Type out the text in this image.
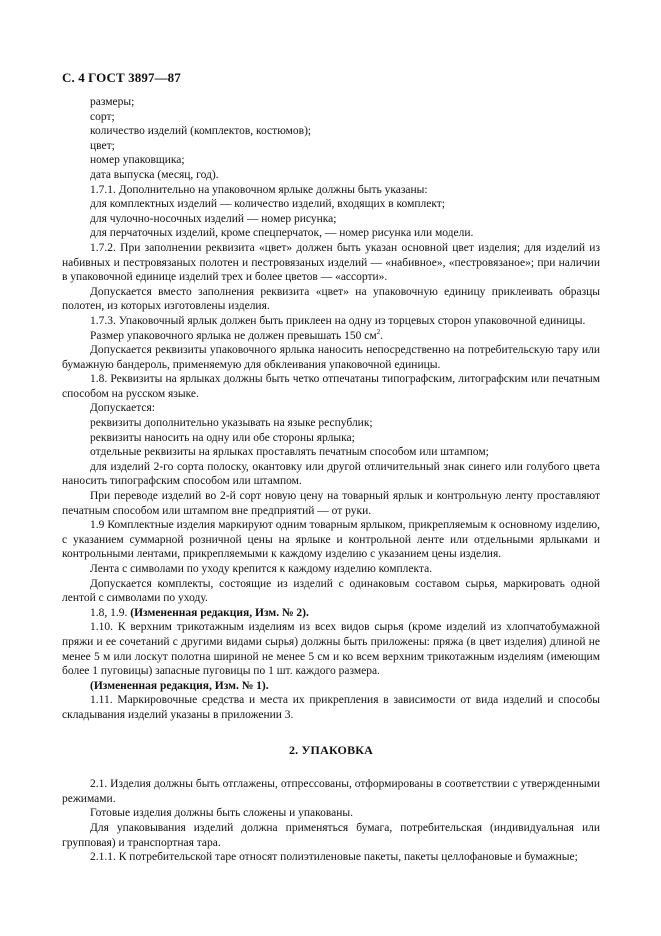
С. 4 ГОСТ 3897—87

размеры;

сорт;

количество изделий (комплектов, костюмов);

цвет;

номер упаковщика;

дата выпуска (месяц, год).

1.7.1. Дополнительно на упаковочном ярлыке должны быть указаны:

для комплектных изделий — количество изделий, входящих в комплект;

для чулочно-носочных изделий — номер рисунка;

для перчаточных изделий, кроме спецперчаток, — номер рисунка или модели.

1.7.2. При заполнении реквизита «цвет» должен быть указан основной цвет изделия; для изделий из набивных и пестровязаных полотен и пестровязаных изделий — «набивное», «пестровязаное»; при наличии в упаковочной единице изделий трех и более цветов — «ассорти».

Допускается вместо заполнения реквизита «цвет» на упаковочную единицу приклеивать образцы полотен, из которых изготовлены изделия.

1.7.3. Упаковочный ярлык должен быть приклеен на одну из торцевых сторон упаковочной единицы.

Размер упаковочного ярлыка не должен превышать 150 $см^2$.

Допускается реквизиты упаковочного ярлыка наносить непосредственно на потребительскую тару или бумажную бандероль, применяемую для обклеивания упаковочной единицы.

1.8. Реквизиты на ярлыках должны быть четко отпечатаны типографским, литографским или печатным способом на русском языке.

Допускается:

реквизиты дополнительно указывать на языке республик;

реквизиты наносить на одну или обе стороны ярлыка;

отдельные реквизиты на ярлыках проставлять печатным способом или штампом;

для изделий 2-го сорта полоску, окантовку или другой отличительный знак синего или голубого цвета наносить типографским способом или штампом.

При переводе изделий во 2-й сорт новую цену на товарный ярлык и контрольную ленту проставляют печатным способом или штампом вне предприятий — от руки.

1.9 Комплектные изделия маркируют одним товарным ярлыком, прикрепляемым к основному изделию, с указанием суммарной розничной цены на ярлыке и контрольной ленте или отдельными ярлыками и контрольными лентами, прикрепляемыми к каждому изделию с указанием цены изделия.

Лента с символами по уходу крепится к каждому изделию комплекта.

Допускается комплекты, состоящие из изделий с одинаковым составом сырья, маркировать одной лентой с символами по уходу.

1.8, 1.9. (Измененная редакция, Изм. № 2).

1.10. К верхним трикотажным изделиям из всех видов сырья (кроме изделий из хлопчатобумажной пряжи и ее сочетаний с другими видами сырья) должны быть приложены: пряжа (в цвет изделия) длиной не менее 5 м или лоскут полотна шириной не менее 5 см и ко всем верхним трикотажным изделиям (имеющим более 1 пуговицы) запасные пуговицы по 1 шт. каждого размера.

(Измененная редакция, Изм. № 1).

1.11. Маркировочные средства и места их прикрепления в зависимости от вида изделий и способы складывания изделий указаны в приложении 3.

2. УПАКОВКА

2.1. Изделия должны быть отглажены, отпрессованы, отформированы в соответствии с утвержденными режимами.

Готовые изделия должны быть сложены и упакованы.

Для упаковывания изделий должна применяться бумага, потребительская (индивидуальная или групповая) и транспортная тара.

2.1.1. К потребительской таре относят полиэтиленовые пакеты, пакеты целлофановые и бумажные;
